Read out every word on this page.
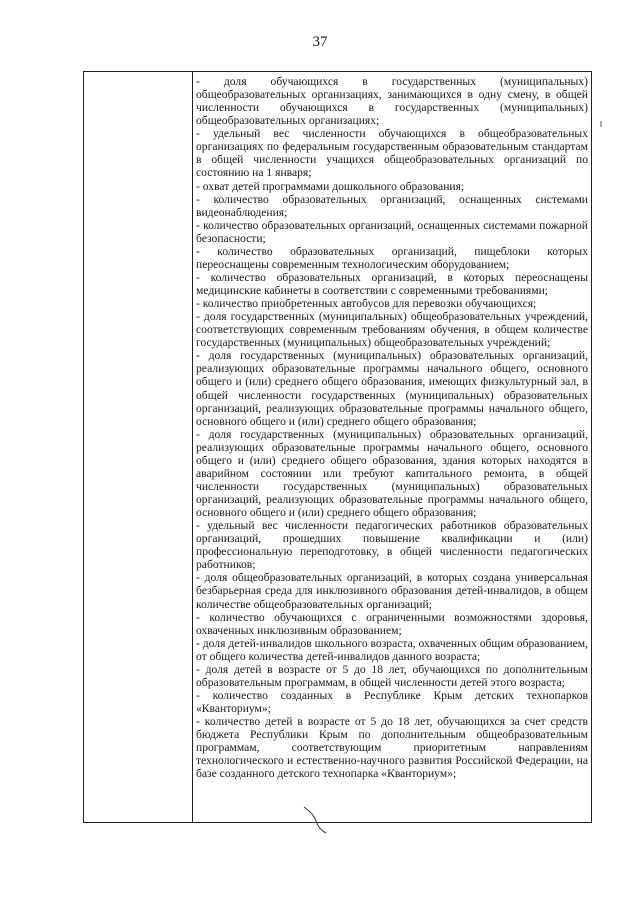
37

- доля обучающихся в государственных (муниципальных) общеобразовательных организациях, занимающихся в одну смену, в общей численности обучающихся в государственных (муниципальных) общеобразовательных организациях;

- удельный вес численности обучающихся в общеобразовательных организациях по федеральным государственным образовательным стандартам в общей численности учащихся общеобразовательных организаций по состоянию на 1 января;

- охват детей программами дошкольного образования;

- количество образовательных организаций, оснащенных системами видеонаблюдения;

- количество образовательных организаций, оснащенных системами пожарной безопасности;

- количество образовательных организаций, пищеблоки которых переоснащены современным технологическим оборудованием;

- количество образовательных организаций, в которых переоснащены медицинские кабинеты в соответствии с современными требованиями;

- количество приобретенных автобусов для перевозки обучающихся;

- доля государственных (муниципальных) общеобразовательных учреждений, соответствующих современным требованиям обучения, в общем количестве государственных (муниципальных) общеобразовательных учреждений;

- доля государственных (муниципальных) образовательных организаций, реализующих образовательные программы начального общего, основного общего и (или) среднего общего образования, имеющих физкультурный зал, в общей численности государственных (муниципальных) образовательных организаций, реализующих образовательные программы начального общего, основного общего и (или) среднего общего образования;

- доля государственных (муниципальных) образовательных организаций, реализующих образовательные программы начального общего, основного общего и (или) среднего общего образования, здания которых находятся в аварийном состоянии или требуют капитального ремонта, в общей численности государственных (муниципальных) образовательных организаций, реализующих образовательные программы начального общего, основного общего и (или) среднего общего образования;

- удельный вес численности педагогических работников образовательных организаций, прошедших повышение квалификации и (или) профессиональную переподготовку, в общей численности педагогических работников;

- доля общеобразовательных организаций, в которых создана универсальная безбарьерная среда для инклюзивного образования детей-инвалидов, в общем количестве общеобразовательных организаций;

- количество обучающихся с ограниченными возможностями здоровья, охваченных инклюзивным образованием;

- доля детей-инвалидов школьного возраста, охваченных общим образованием, от общего количества детей-инвалидов данного возраста;

- доля детей в возрасте от 5 до 18 лет, обучающихся по дополнительным образовательным программам, в общей численности детей этого возраста;

- количество созданных в Республике Крым детских технопарков «Кванториум»;

- количество детей в возрасте от 5 до 18 лет, обучающихся за счет средств бюджета Республики Крым по дополнительным общеобразовательным программам, соответствующим приоритетным направлениям технологического и естественно-научного развития Российской Федерации, на базе созданного детского технопарка «Кванториум»;
